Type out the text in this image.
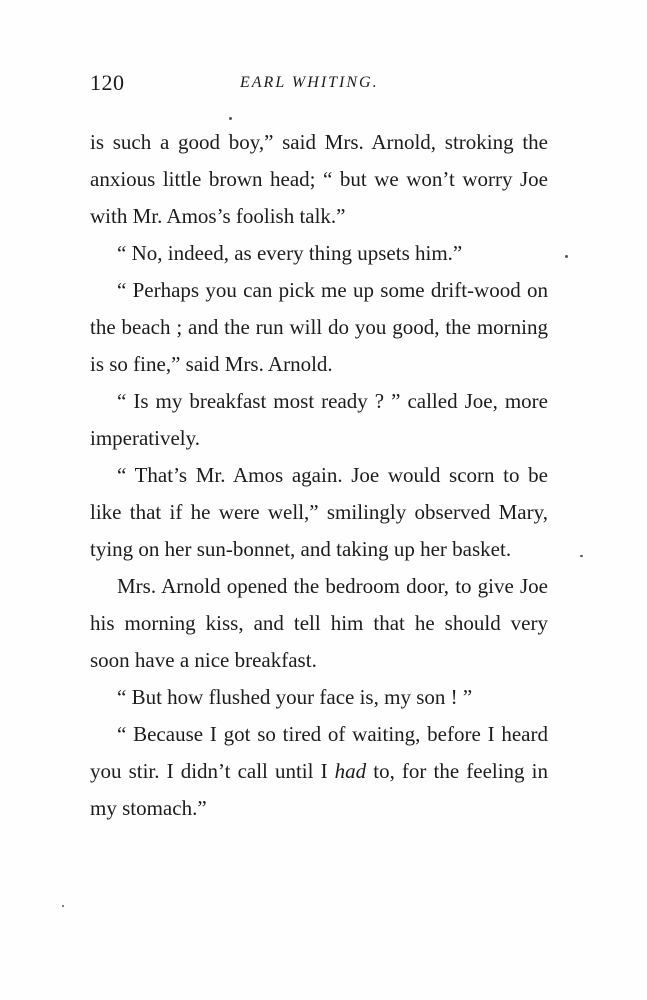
120	EARL WHITING.

is such a good boy,” said Mrs. Arnold, stroking the anxious little brown head; “ but we won’t worry Joe with Mr. Amos’s foolish talk.”

“ No, indeed, as every thing upsets him.”

“ Perhaps you can pick me up some drift-wood on the beach ; and the run will do you good, the morning is so fine,” said Mrs. Arnold.

“ Is my breakfast most ready ? ” called Joe, more imperatively.

“ That’s Mr. Amos again. Joe would scorn to be like that if he were well,” smilingly observed Mary, tying on her sun-bonnet, and taking up her basket.

Mrs. Arnold opened the bedroom door, to give Joe his morning kiss, and tell him that he should very soon have a nice breakfast.

“ But how flushed your face is, my son ! ”

“ Because I got so tired of waiting, before I heard you stir. I didn’t call until I had to, for the feeling in my stomach.”
